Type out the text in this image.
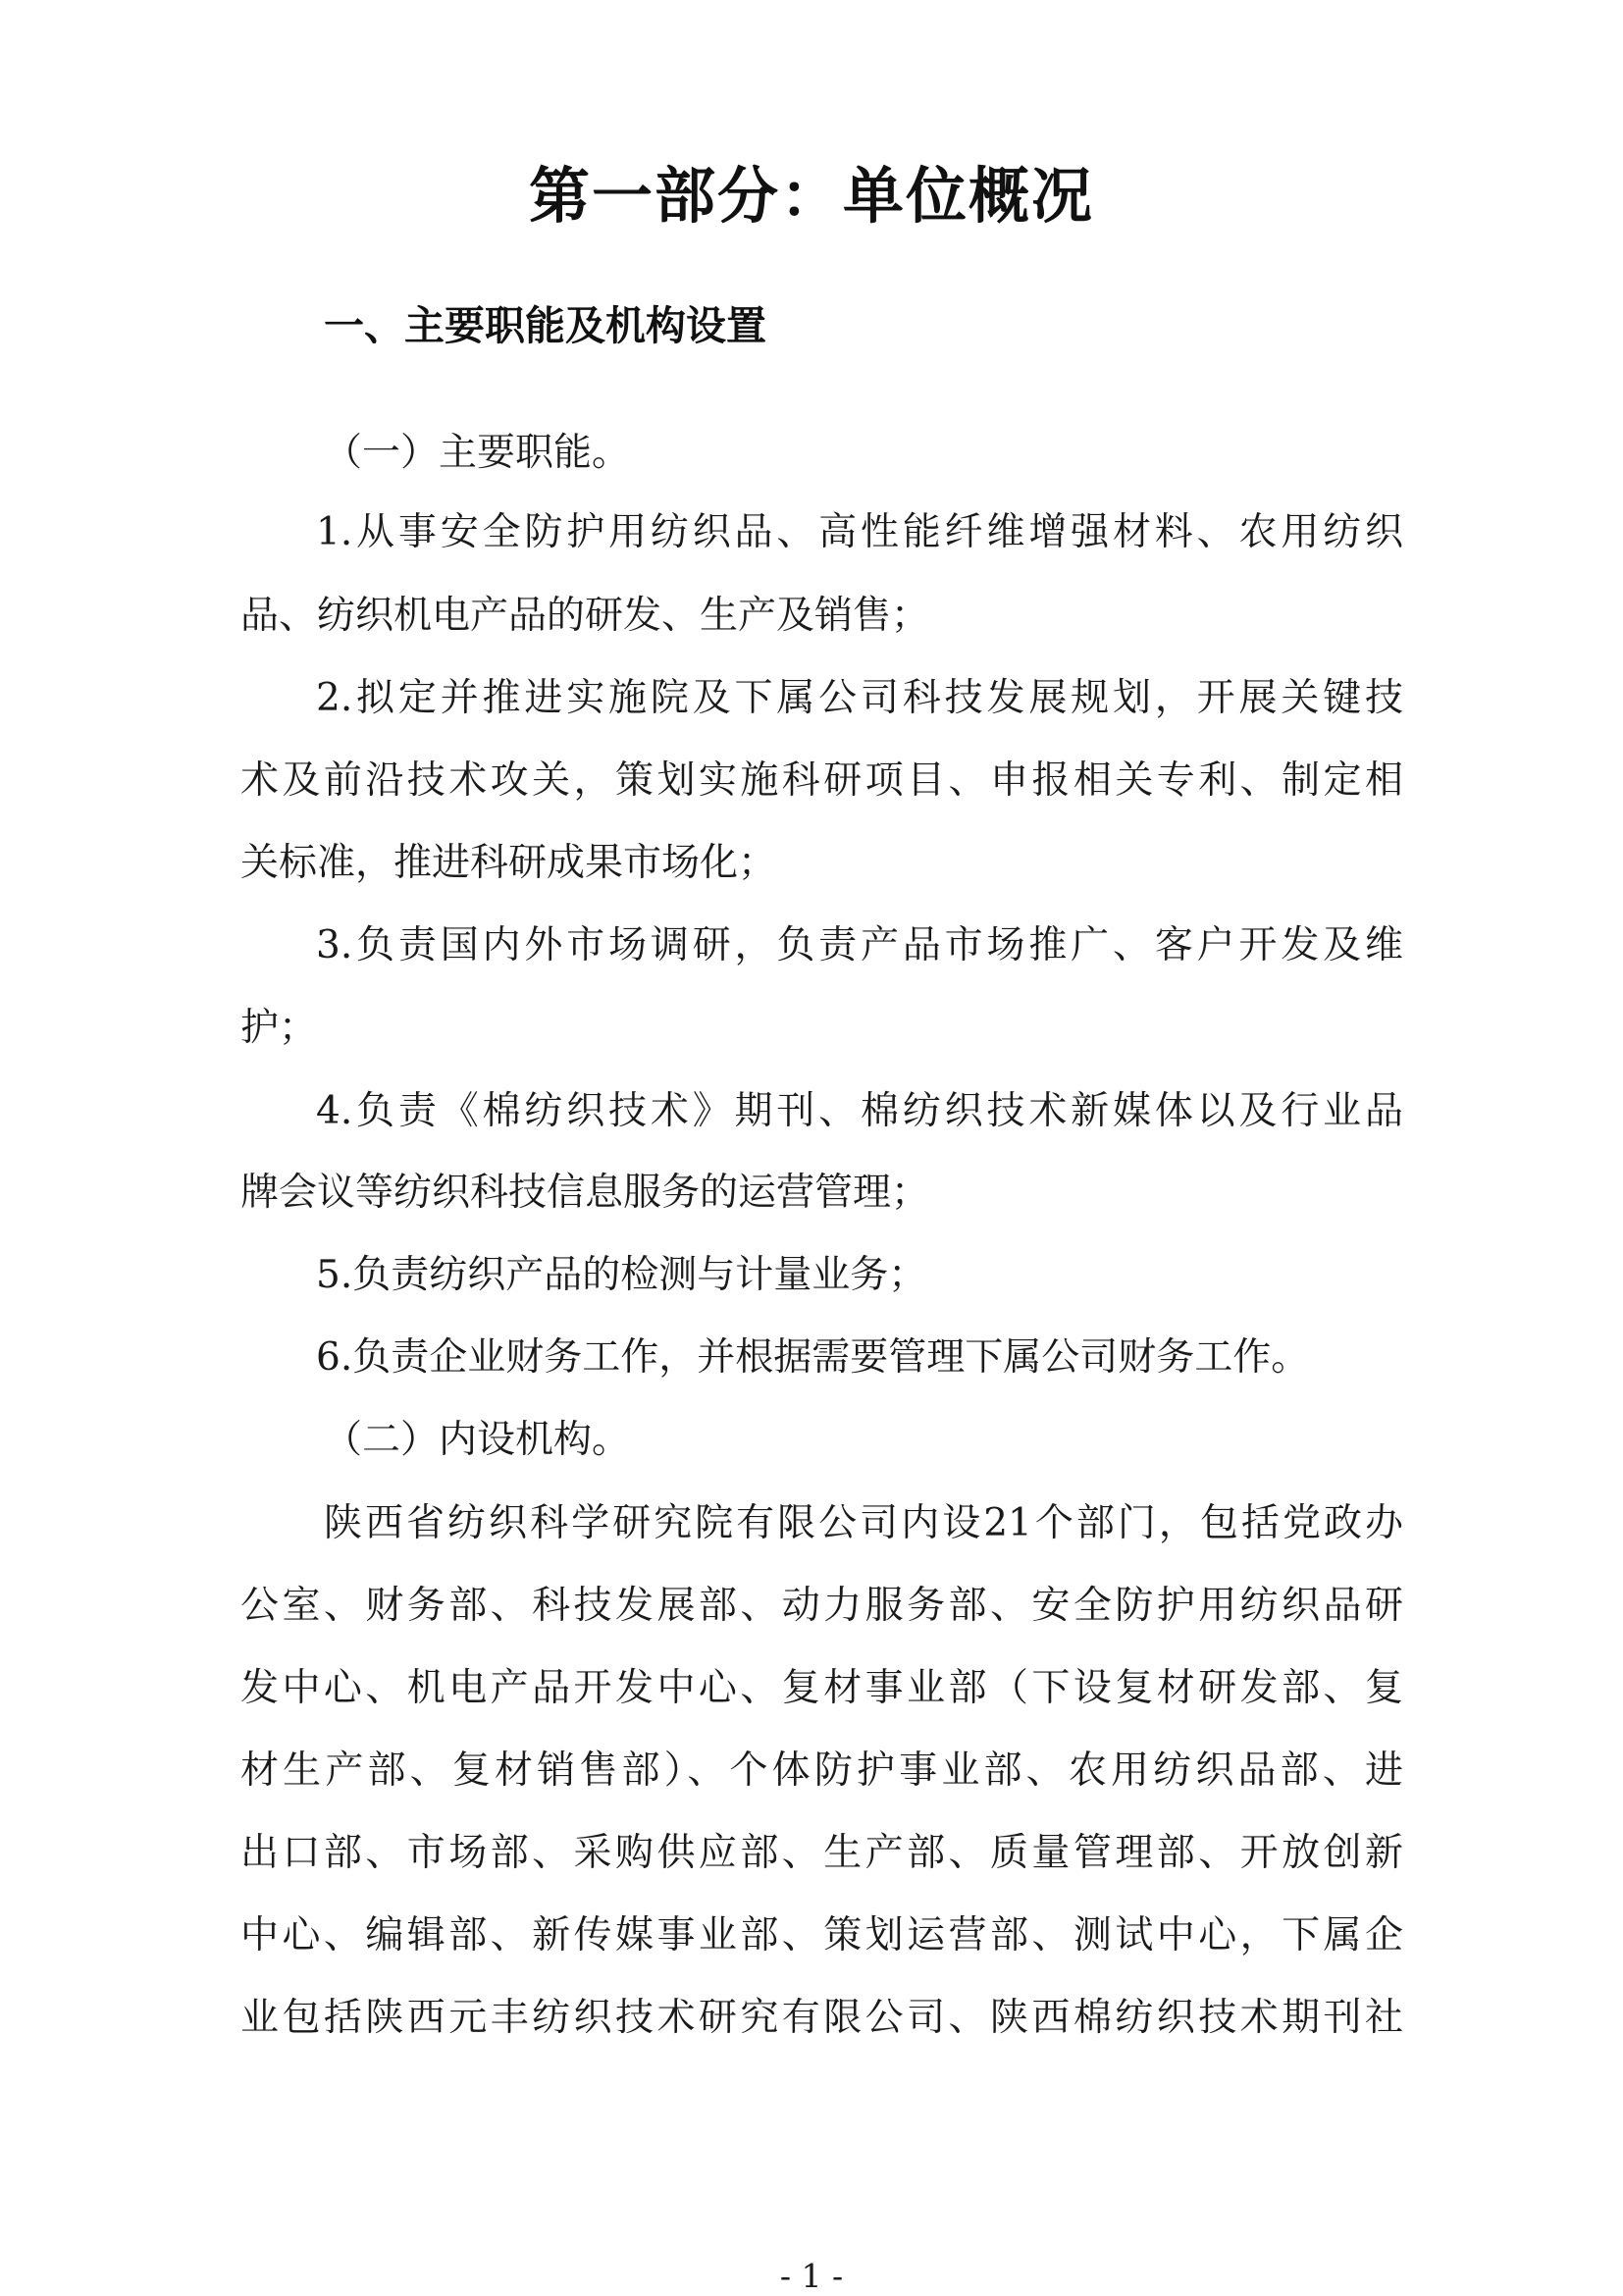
第一部分：单位概况
一、主要职能及机构设置
（一）主要职能。
1.从事安全防护用纺织品、高性能纤维增强材料、农用纺织
品、纺织机电产品的研发、生产及销售；
2.拟定并推进实施院及下属公司科技发展规划，开展关键技
术及前沿技术攻关，策划实施科研项目、申报相关专利、制定相
关标准，推进科研成果市场化；
3.负责国内外市场调研，负责产品市场推广、客户开发及维
护；
4.负责《棉纺织技术》期刊、棉纺织技术新媒体以及行业品
牌会议等纺织科技信息服务的运营管理；
5.负责纺织产品的检测与计量业务；
6.负责企业财务工作，并根据需要管理下属公司财务工作。
（二）内设机构。
陕西省纺织科学研究院有限公司内设21个部门，包括党政办
公室、财务部、科技发展部、动力服务部、安全防护用纺织品研
发中心、机电产品开发中心、复材事业部（下设复材研发部、复
材生产部、复材销售部）、个体防护事业部、农用纺织品部、进
出口部、市场部、采购供应部、生产部、质量管理部、开放创新
中心、编辑部、新传媒事业部、策划运营部、测试中心，下属企
业包括陕西元丰纺织技术研究有限公司、陕西棉纺织技术期刊社
- 1 -
